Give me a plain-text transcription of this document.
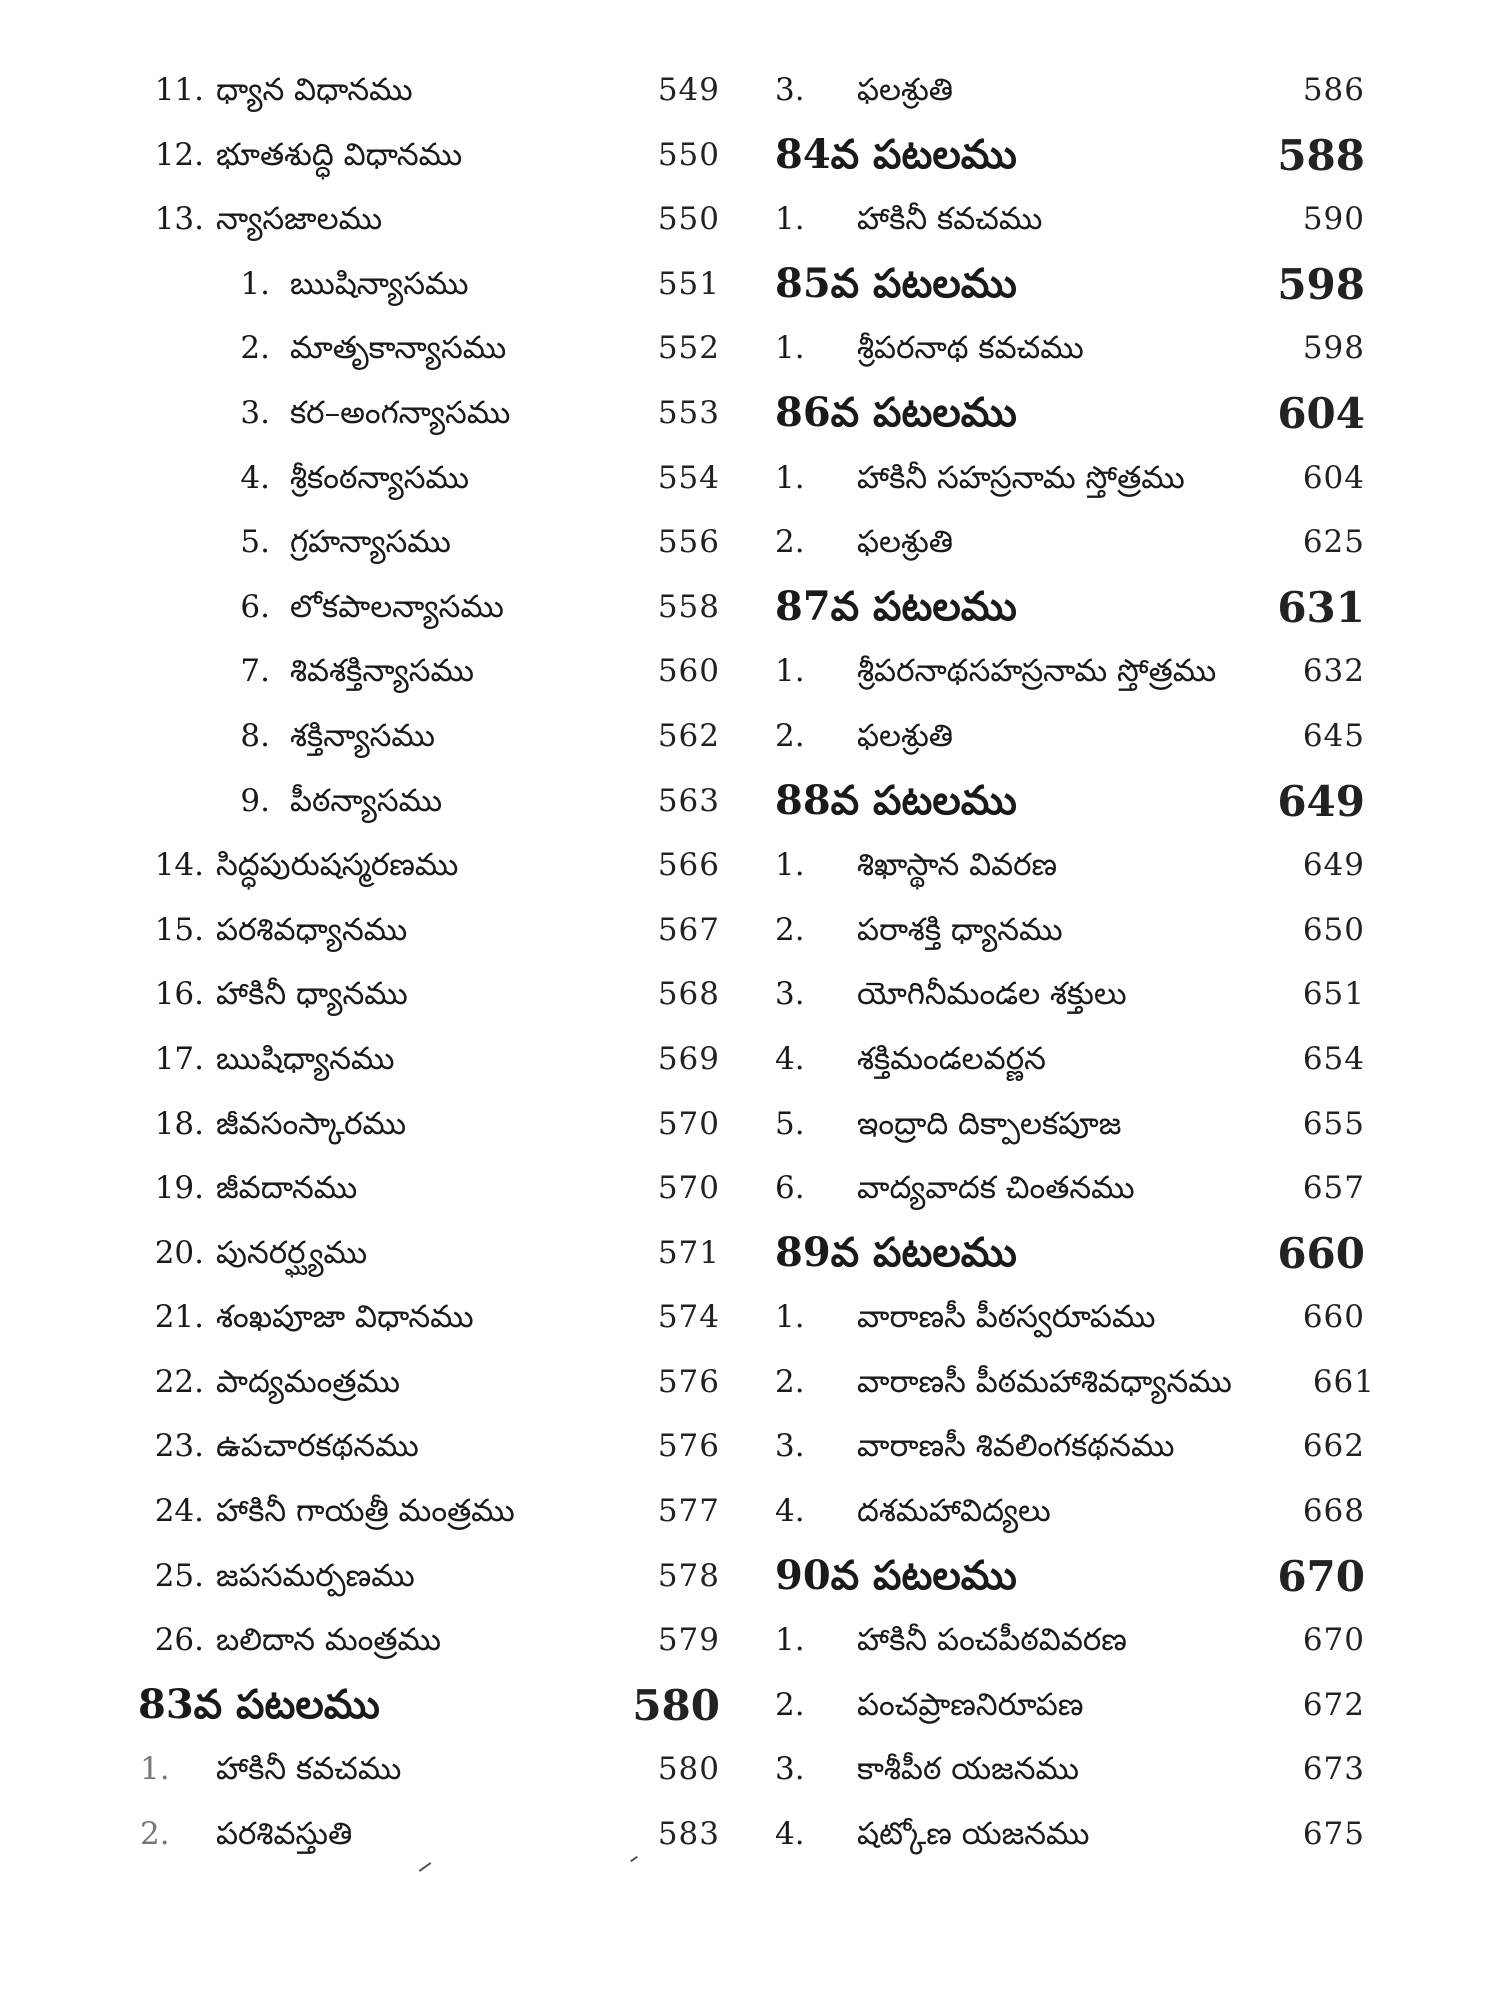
11. ధ్యాన విధానము	549
12. భూతశుద్ధి విధానము	550
13. న్యాసజాలము	550
1. ఋషిన్యాసము	551
2. మాతృకాన్యాసము	552
3. కర–అంగన్యాసము	553
4. శ్రీకంఠన్యాసము	554
5. గ్రహన్యాసము	556
6. లోకపాలన్యాసము	558
7. శివశక్తిన్యాసము	560
8. శక్తిన్యాసము	562
9. పీఠన్యాసము	563
14. సిద్ధపురుషస్మరణము	566
15. పరశివధ్యానము	567
16. హాకినీ ధ్యానము	568
17. ఋషిధ్యానము	569
18. జీవసంస్కారము	570
19. జీవదానము	570
20. పునరర్ఘ్యము	571
21. శంఖపూజా విధానము	574
22. పాద్యమంత్రము	576
23. ఉపచారకథనము	576
24. హాకినీ గాయత్రీ మంత్రము	577
25. జపసమర్పణము	578
26. బలిదాన మంత్రము	579
83వ పటలము	580
1. హాకినీ కవచము	580
2. పరశివస్తుతి	583
3.	ఫలశ్రుతి	586
84వ పటలము	588
1.	హాకినీ కవచము	590
85వ పటలము	598
1.	శ్రీపరనాథ కవచము	598
86వ పటలము	604
1.	హాకినీ సహస్రనామ స్తోత్రము	604
2.	ఫలశ్రుతి	625
87వ పటలము	631
1.	శ్రీపరనాథసహస్రనామ స్తోత్రము	632
2.	ఫలశ్రుతి	645
88వ పటలము	649
1.	శిఖాస్థాన వివరణ	649
2.	పరాశక్తి ధ్యానము	650
3.	యోగినీమండల శక్తులు	651
4.	శక్తిమండలవర్ణన	654
5.	ఇంద్రాది దిక్పాలకపూజ	655
6.	వాద్యవాదక చింతనము	657
89వ పటలము	660
1.	వారాణసీ పీఠస్వరూపము	660
2.	వారాణసీ పీఠమహాశివధ్యానము	661
3.	వారాణసీ శివలింగకథనము	662
4.	దశమహావిద్యలు	668
90వ పటలము	670
1.	హాకినీ పంచపీఠవివరణ	670
2.	పంచప్రాణనిరూపణ	672
3.	కాశీపీఠ యజనము	673
4.	షట్కోణ యజనము	675
